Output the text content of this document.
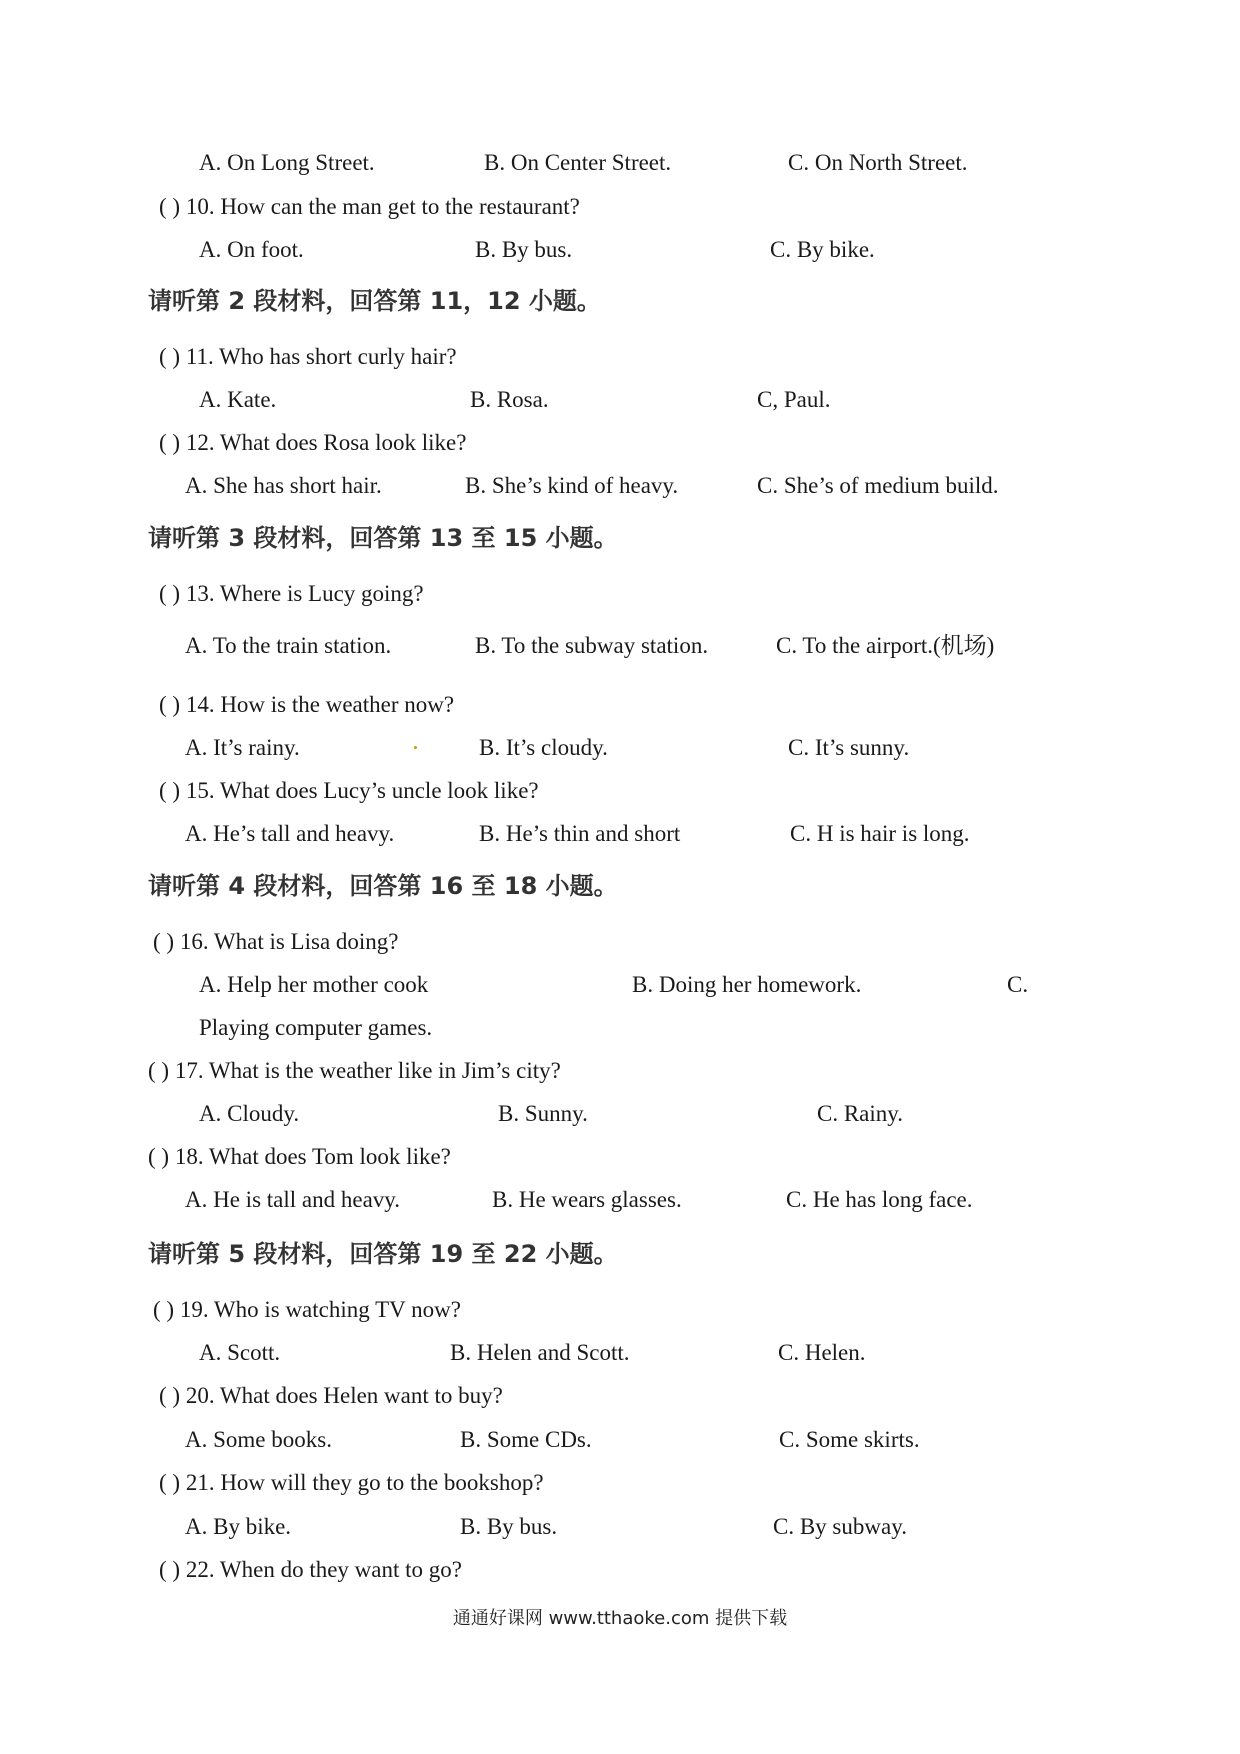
A. On Long Street.	B. On Center Street.	C. On North Street.
( ) 10. How can the man get to the restaurant?
A. On foot.	B. By bus.	C. By bike.
请听第 2 段材料，回答第 11，12 小题。
( ) 11. Who has short curly hair?
A. Kate.	B. Rosa.	C, Paul.
( ) 12. What does Rosa look like?
A. She has short hair.	B. She’s kind of heavy.	C. She’s of medium build.
请听第 3 段材料，回答第 13 至 15 小题。
( ) 13. Where is Lucy going?
A. To the train station.	B. To the subway station.	C. To the airport.(机场)
( ) 14. How is the weather now?
A. It’s rainy.	B. It’s cloudy.	C. It’s sunny.
( ) 15. What does Lucy’s uncle look like?
A. He’s tall and heavy.	B. He’s thin and short	C. H is hair is long.
请听第 4 段材料，回答第 16 至 18 小题。
( ) 16. What is Lisa doing?
A. Help her mother cook	B. Doing her homework.	C.
Playing computer games.
( ) 17. What is the weather like in Jim’s city?
A. Cloudy.	B. Sunny.	C. Rainy.
( ) 18. What does Tom look like?
A. He is tall and heavy.	B. He wears glasses.	C. He has long face.
请听第 5 段材料，回答第 19 至 22 小题。
( ) 19. Who is watching TV now?
A. Scott.	B. Helen and Scott.	C. Helen.
( ) 20. What does Helen want to buy?
A. Some books.	B. Some CDs.	C. Some skirts.
( ) 21. How will they go to the bookshop?
A. By bike.	B. By bus.	C. By subway.
( ) 22. When do they want to go?
通通好课网 www.tthaoke.com 提供下载
